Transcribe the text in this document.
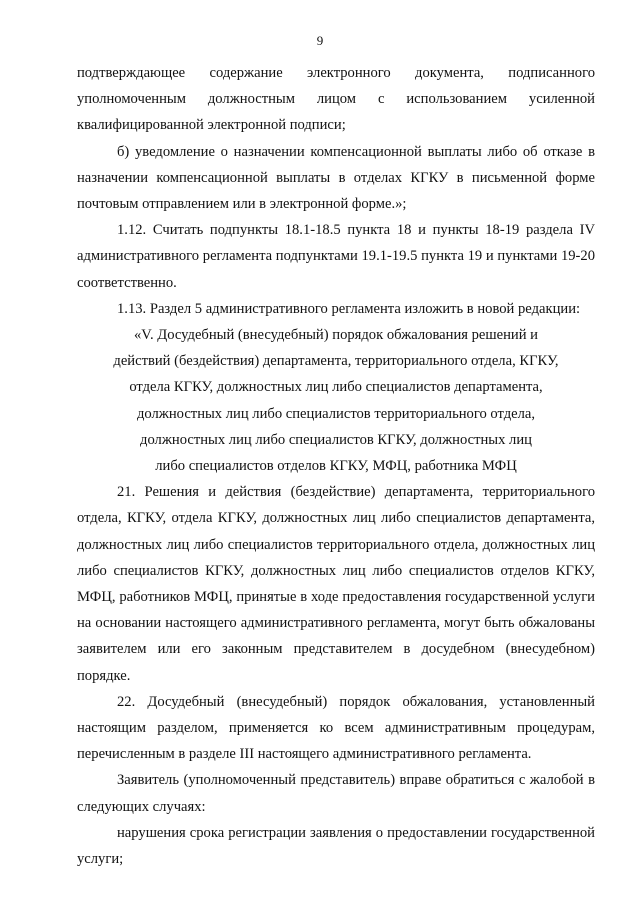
9

подтверждающее содержание электронного документа, подписанного

уполномоченным должностным лицом с использованием усиленной

квалифицированной электронной подписи;

б) уведомление о назначении компенсационной выплаты либо об отказе в назначении компенсационной выплаты в отделах КГКУ в письменной форме почтовым отправлением или в электронной форме.»;

1.12. Считать подпункты 18.1-18.5 пункта 18 и пункты 18-19 раздела IV административного регламента подпунктами 19.1-19.5 пункта 19 и пунктами 19-20 соответственно.

1.13. Раздел 5 административного регламента изложить в новой редакции:

«V. Досудебный (внесудебный) порядок обжалования решений и

действий (бездействия) департамента, территориального отдела, КГКУ,

отдела КГКУ, должностных лиц либо специалистов департамента,

должностных лиц либо специалистов территориального отдела,

должностных лиц либо специалистов КГКУ, должностных лиц

либо специалистов отделов КГКУ, МФЦ, работника МФЦ

21. Решения и действия (бездействие) департамента, территориального отдела, КГКУ, отдела КГКУ, должностных лиц либо специалистов департамента, должностных лиц либо специалистов территориального отдела, должностных лиц либо специалистов КГКУ, должностных лиц либо специалистов отделов КГКУ, МФЦ, работников МФЦ, принятые в ходе предоставления государственной услуги на основании настоящего административного регламента, могут быть обжалованы заявителем или его законным представителем в досудебном (внесудебном) порядке.

22. Досудебный (внесудебный) порядок обжалования, установленный настоящим разделом, применяется ко всем административным процедурам, перечисленным в разделе III настоящего административного регламента.

Заявитель (уполномоченный представитель) вправе обратиться с жалобой в следующих случаях:

нарушения срока регистрации заявления о предоставлении государственной услуги;
